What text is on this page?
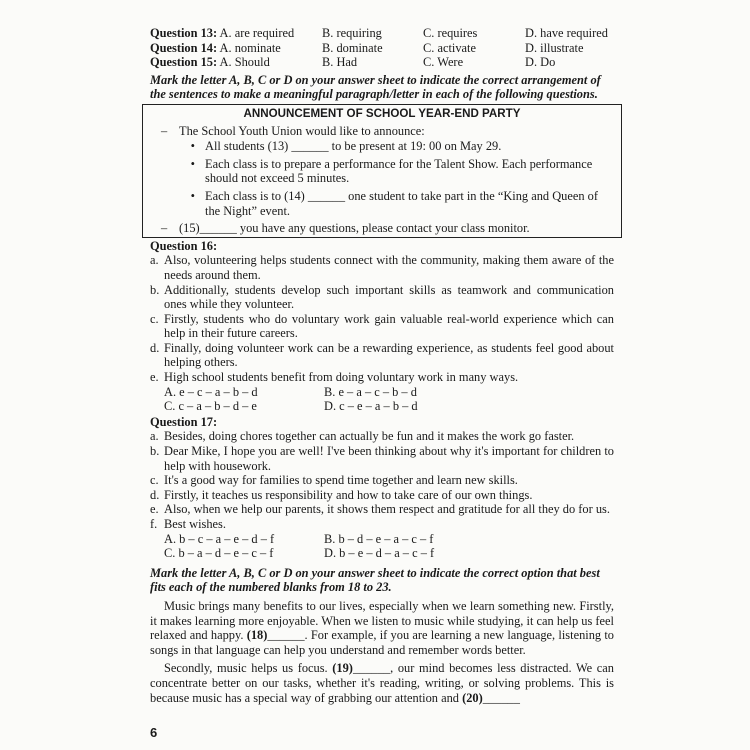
Question 13: A. are required	B. requiring	C. requires	D. have required
Question 14: A. nominate	B. dominate	C. activate	D. illustrate
Question 15: A. Should	B. Had	C. Were	D. Do
Mark the letter A, B, C or D on your answer sheet to indicate the correct arrangement of the sentences to make a meaningful paragraph/letter in each of the following questions.
ANNOUNCEMENT OF SCHOOL YEAR-END PARTY
– The School Youth Union would like to announce:
• All students (13) ______ to be present at 19: 00 on May 29.
• Each class is to prepare a performance for the Talent Show. Each performance should not exceed 5 minutes.
• Each class is to (14) ______ one student to take part in the “King and Queen of the Night” event.
– (15)______ you have any questions, please contact your class monitor.
Question 16:
a. Also, volunteering helps students connect with the community, making them aware of the needs around them.
b. Additionally, students develop such important skills as teamwork and communication ones while they volunteer.
c. Firstly, students who do voluntary work gain valuable real-world experience which can help in their future careers.
d. Finally, doing volunteer work can be a rewarding experience, as students feel good about helping others.
e. High school students benefit from doing voluntary work in many ways.
A. e – c – a – b – d	B. e – a – c – b – d
C. c – a – b – d – e	D. c – e – a – b – d
Question 17:
a. Besides, doing chores together can actually be fun and it makes the work go faster.
b. Dear Mike, I hope you are well! I've been thinking about why it's important for children to help with housework.
c. It's a good way for families to spend time together and learn new skills.
d. Firstly, it teaches us responsibility and how to take care of our own things.
e. Also, when we help our parents, it shows them respect and gratitude for all they do for us.
f. Best wishes.
A. b – c – a – e – d – f	B. b – d – e – a – c – f
C. b – a – d – e – c – f	D. b – e – d – a – c – f
Mark the letter A, B, C or D on your answer sheet to indicate the correct option that best fits each of the numbered blanks from 18 to 23.
Music brings many benefits to our lives, especially when we learn something new. Firstly, it makes learning more enjoyable. When we listen to music while studying, it can help us feel relaxed and happy. (18)______. For example, if you are learning a new language, listening to songs in that language can help you understand and remember words better.
Secondly, music helps us focus. (19)______, our mind becomes less distracted. We can concentrate better on our tasks, whether it's reading, writing, or solving problems. This is because music has a special way of grabbing our attention and (20)______
6
